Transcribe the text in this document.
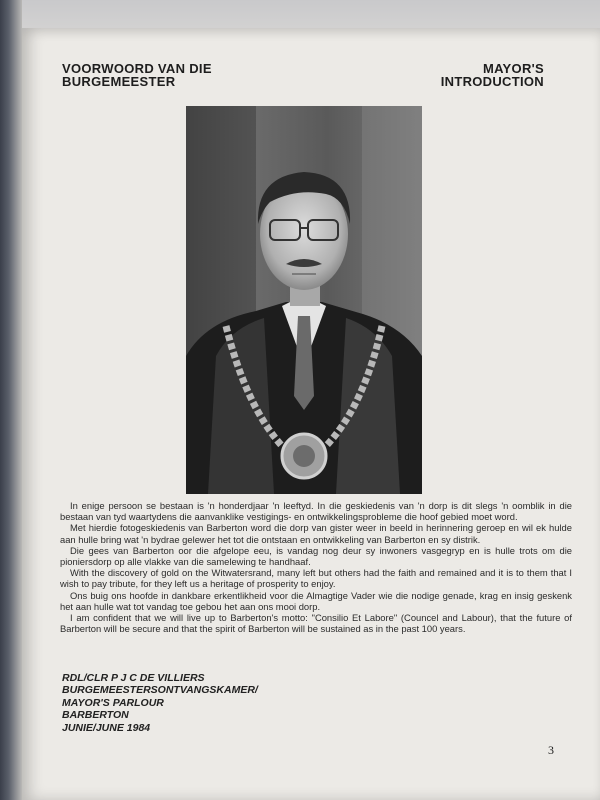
VOORWOORD VAN DIE
BURGEMEESTER
MAYOR'S
INTRODUCTION

In enige persoon se bestaan is 'n honderdjaar 'n leeftyd. In die geskiedenis van 'n dorp is dit slegs 'n oomblik in die bestaan van tyd waartydens die aanvanklike vestigings- en ontwikkelingsprobleme die hoof gebied moet word.

Met hierdie fotogeskiedenis van Barberton word die dorp van gister weer in beeld in herinnering geroep en wil ek hulde aan hulle bring wat 'n bydrae gelewer het tot die ontstaan en ontwikkeling van Barberton en sy distrik.

Die gees van Barberton oor die afgelope eeu, is vandag nog deur sy inwoners vasgegryp en is hulle trots om die pioniersdorp op alle vlakke van die samelewing te handhaaf.

With the discovery of gold on the Witwatersrand, many left but others had the faith and remained and it is to them that I wish to pay tribute, for they left us a heritage of prosperity to enjoy.

Ons buig ons hoofde in dankbare erkentlikheid voor die Almagtige Vader wie die nodige genade, krag en insig geskenk het aan hulle wat tot vandag toe gebou het aan ons mooi dorp.

I am confident that we will live up to Barberton's motto: "Consilio Et Labore" (Councel and Labour), that the future of Barberton will be secure and that the spirit of Barberton will be sustained as in the past 100 years.

RDL/CLR P J C DE VILLIERS
BURGEMEESTERSONTVANGSKAMER/
MAYOR'S PARLOUR
BARBERTON
JUNIE/JUNE 1984
3
